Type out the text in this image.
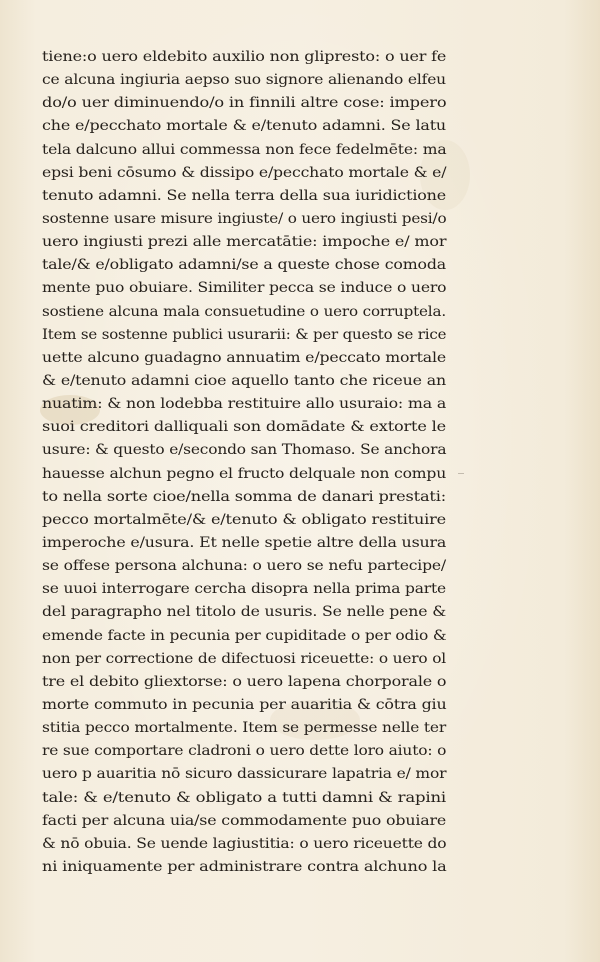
tiene:o uero eldebito auxilio non glipresto: o uer fe
ce alcuna ingiuria aepso suo signore alienando elfeu
do/o uer diminuendo/o in finnili altre cose: impero
che e/pecchato mortale & e/tenuto adamni. Se latu
tela dalcuno allui commessa non fece fedelmēte: ma
epsi beni cōsumo & dissipo e/pecchato mortale & e/
tenuto adamni. Se nella terra della sua iuridictione
sostenne usare misure ingiuste/ o uero ingiusti pesi/o
uero ingiusti prezi alle mercatātie: impoche e/ mor
tale/& e/obligato adamni/se a queste chose comoda
mente puo obuiare. Similiter pecca se induce o uero
sostiene alcuna mala consuetudine o uero corruptela.
Item se sostenne publici usurarii: & per questo se rice
uette alcuno guadagno annuatim e/peccato mortale
& e/tenuto adamni cioe aquello tanto che riceue an
nuatim: & non lodebba restituire allo usuraio: ma a
suoi creditori dalliquali son domādate & extorte le
usure: & questo e/secondo san Thomaso. Se anchora
hauesse alchun pegno el fructo delquale non compu
to nella sorte cioe/nella somma de danari prestati:
pecco mortalmēte/& e/tenuto & obligato restituire
imperoche e/usura. Et nelle spetie altre della usura
se offese persona alchuna: o uero se nefu partecipe/
se uuoi interrogare cercha disopra nella prima parte
del paragrapho nel titolo de usuris. Se nelle pene &
emende facte in pecunia per cupiditade o per odio &
non per correctione de difectuosi riceuette: o uero ol
tre el debito gliextorse: o uero lapena chorporale o
morte commuto in pecunia per auaritia & cōtra giu
stitia pecco mortalmente. Item se permesse nelle ter
re sue comportare cladroni o uero dette loro aiuto: o
uero p auaritia nō sicuro dassicurare lapatria e/ mor
tale: & e/tenuto & obligato a tutti damni & rapini
facti per alcuna uia/se commodamente puo obuiare
& nō obuia. Se uende lagiustitia: o uero riceuette do
ni iniquamente per administrare contra alchuno la
